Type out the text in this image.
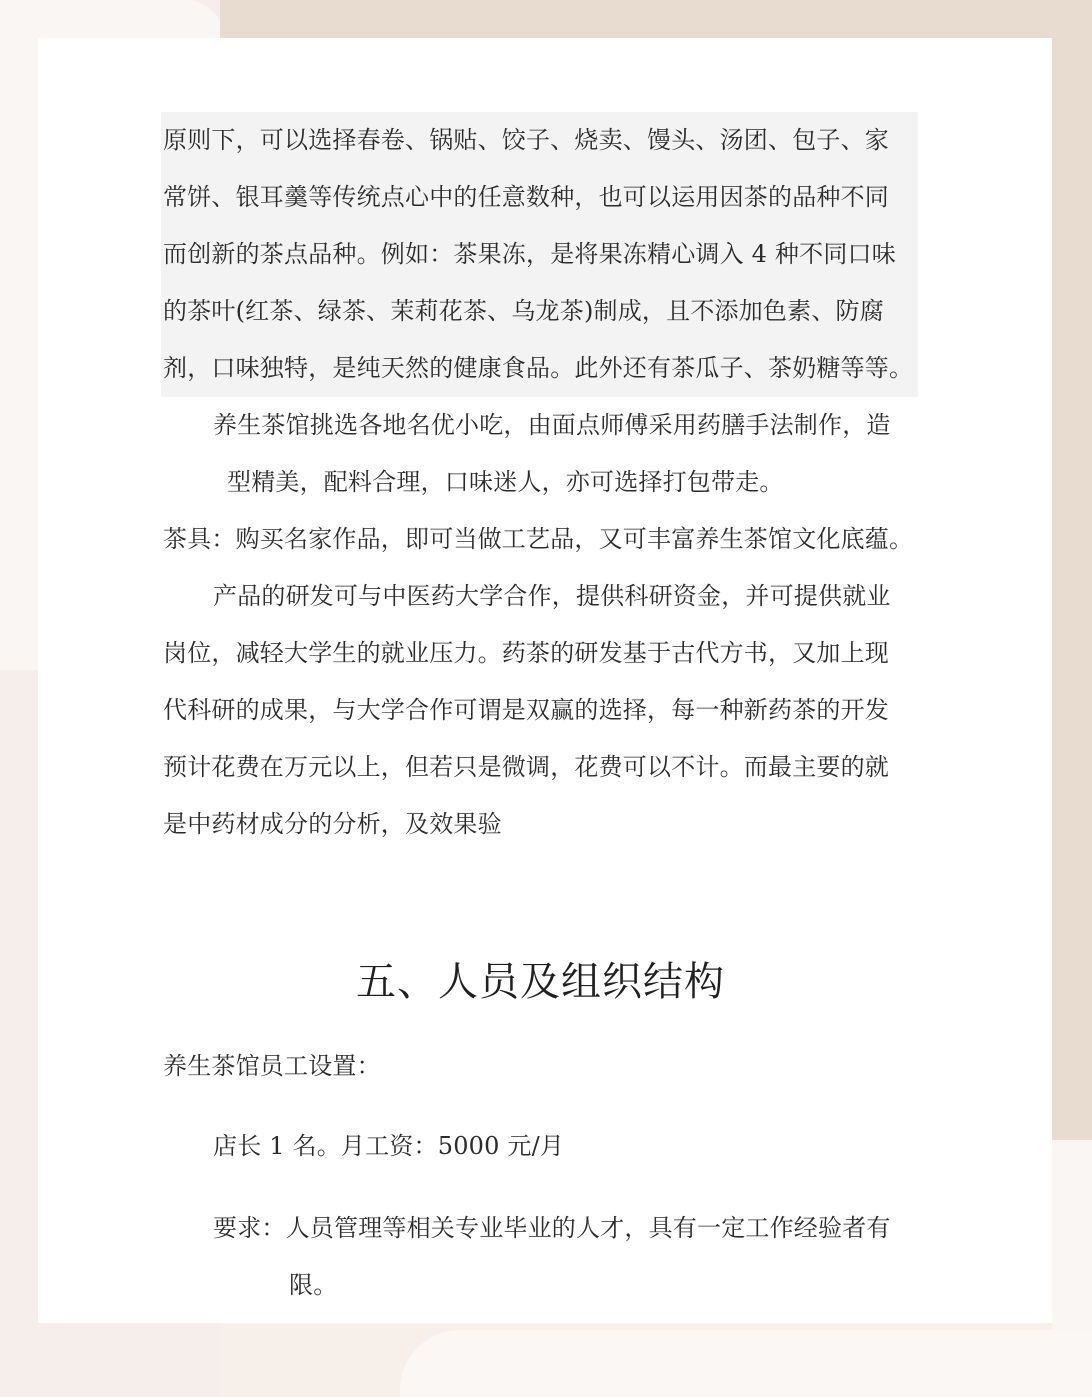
原则下，可以选择春卷、锅贴、饺子、烧卖、馒头、汤团、包子、家
常饼、银耳羹等传统点心中的任意数种，也可以运用因茶的品种不同
而创新的茶点品种。例如：茶果冻，是将果冻精心调入 4 种不同口味
的茶叶(红茶、绿茶、茉莉花茶、乌龙茶)制成，且不添加色素、防腐
剂，口味独特，是纯天然的健康食品。此外还有茶瓜子、茶奶糖等等。
养生茶馆挑选各地名优小吃，由面点师傅采用药膳手法制作，造
型精美，配料合理，口味迷人，亦可选择打包带走。
茶具：购买名家作品，即可当做工艺品，又可丰富养生茶馆文化底蕴。
产品的研发可与中医药大学合作，提供科研资金，并可提供就业
岗位，减轻大学生的就业压力。药茶的研发基于古代方书，又加上现
代科研的成果，与大学合作可谓是双赢的选择，每一种新药茶的开发
预计花费在万元以上，但若只是微调，花费可以不计。而最主要的就
是中药材成分的分析，及效果验
五、人员及组织结构
养生茶馆员工设置：
店长 1 名。月工资：5000 元/月
要求：人员管理等相关专业毕业的人才，具有一定工作经验者有
限。
